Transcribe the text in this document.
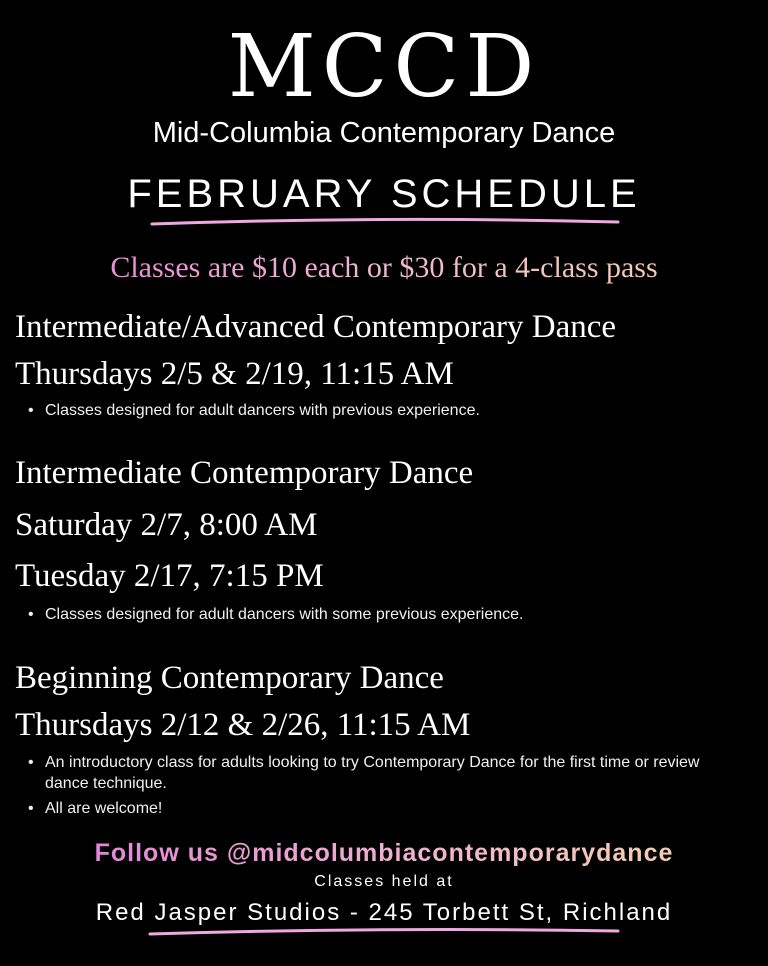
MCCD
Mid-Columbia Contemporary Dance
FEBRUARY SCHEDULE
Classes are $10 each or $30 for a 4-class pass
Intermediate/Advanced Contemporary Dance
Thursdays 2/5 & 2/19, 11:15 AM
• Classes designed for adult dancers with previous experience.
Intermediate Contemporary Dance
Saturday 2/7, 8:00 AM
Tuesday 2/17, 7:15 PM
• Classes designed for adult dancers with some previous experience.
Beginning Contemporary Dance
Thursdays 2/12 & 2/26, 11:15 AM
• An introductory class for adults looking to try Contemporary Dance for the first time or review dance technique.
• All are welcome!
Follow us @midcolumbiacontemporarydance
Classes held at
Red Jasper Studios - 245 Torbett St, Richland
